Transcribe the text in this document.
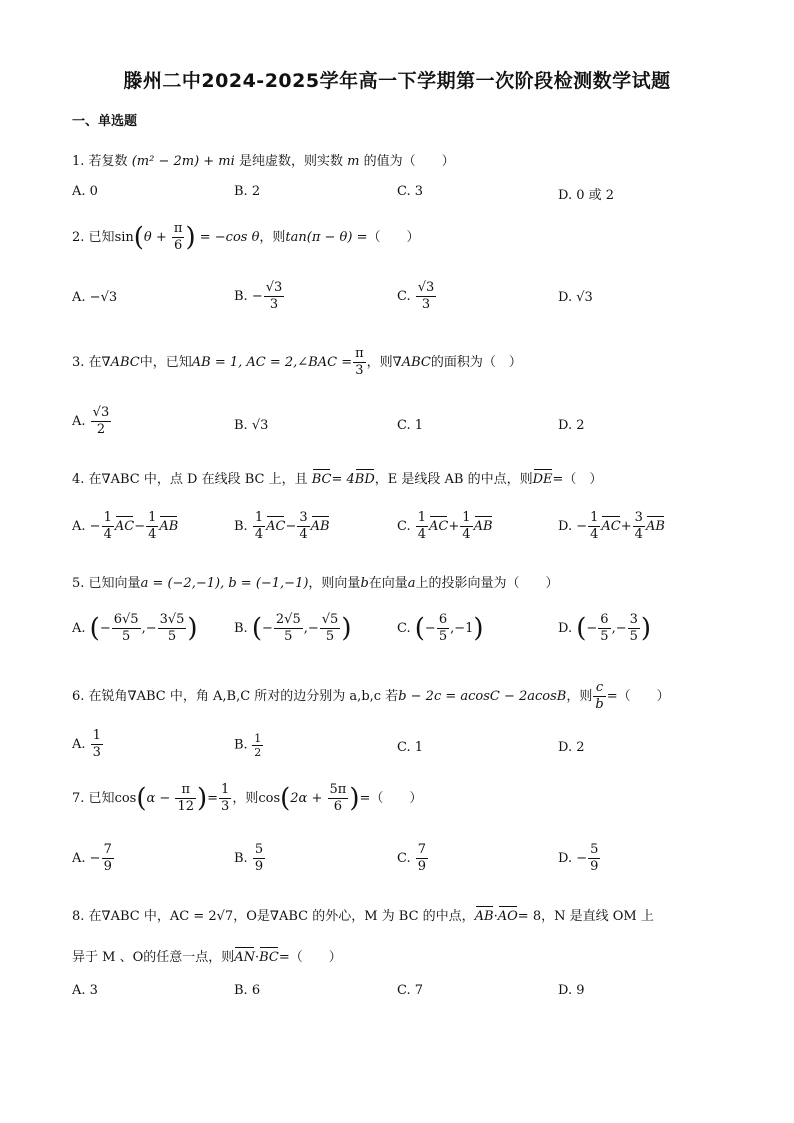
滕州二中2024-2025学年高一下学期第一次阶段检测数学试题
一、单选题
1. 若复数 (m² − 2m) + mi 是纯虚数，则实数 m 的值为（　　）
A. 0	B. 2	C. 3	D. 0 或 2
2. 已知$\sin(\theta + \frac{\pi}{6}$ ) = −cos θ，则tan(π − θ) =（　　）
A. −√3	B. − $\frac{√3}{3}$	C. $\frac{√3}{3}$	D. √3
3. 在∇ABC中，已知AB = 1, AC = 2,∠BAC = $\frac{\pi}{3}$ ，则∇ABC的面积为（　）
A. $\frac{√3}{2}$	B. √3	C. 1	D. 2
4. 在∇ABC 中，点 D 在线段 BC 上，且 BC= 4BD，E 是线段 AB 的中点，则DE=（　）
A. − $\frac{1}{4} AC- \frac{1}{4}$ AB	B. $\frac{1}{4} AC- \frac{3}{4}$ AB	C. $\frac{1}{4} AC+ \frac{1}{4}$ AB	D. − $\frac{1}{4} AC+ \frac{3}{4}$ AB
5. 已知向量a = (−2,−1), b = (−1,−1)，则向量b在向量a上的投影向量为（　　）
A. (− $\frac{6√5}{5}$ ,− $\frac{3√5}{5}$ )	B. (− $\frac{2√5}{5}$ ,− $\frac{√5}{5}$ )	C. (− $\frac{6}{5} ,-1$)	D. (− $\frac{6}{5}$ ,− $\frac{3}{5}$ )
6. 在锐角∇ABC 中，角 A,B,C 所对的边分别为 a,b,c 若b − 2c = acosC − 2acosB，则 $\frac{c}{b}$ =（　　）
A. $\frac{1}{3}$	B. $\frac{1}{2}$	C. 1	D. 2
7. 已知$\cos(\alpha - \frac{\pi}{12}$ )= $\frac{1}{3}$ ，则$\cos(2\alpha + \frac{5\pi}{6}$ )=（　　）
A. − $\frac{7}{9}$	B. $\frac{5}{9}$	C. $\frac{7}{9}$	D. − $\frac{5}{9}$
8. 在∇ABC 中，AC = 2√7，O是∇ABC 的外心，M 为 BC 的中点，AB·AO= 8，N 是直线 OM 上
异于 M 、O的任意一点，则AN·BC=（　　）
A. 3	B. 6	C. 7	D. 9
